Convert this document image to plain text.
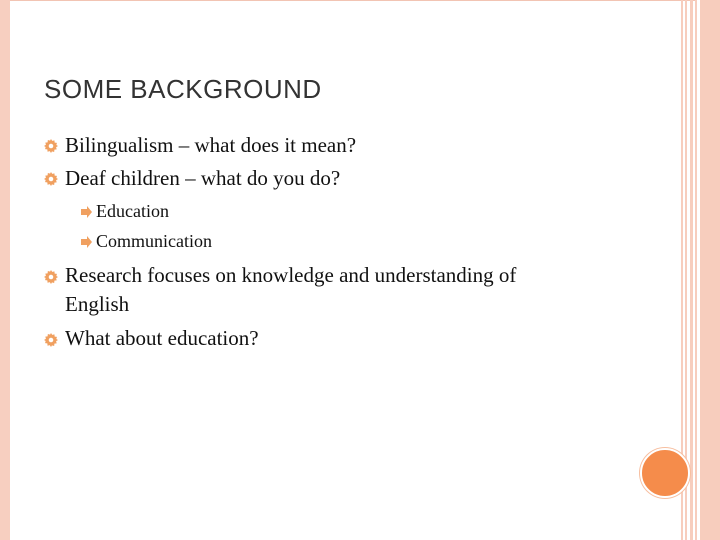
SOME BACKGROUND
Bilingualism – what does it mean?
Deaf children – what do you do?
Education
Communication
Research focuses on knowledge and understanding of
English
What about education?
